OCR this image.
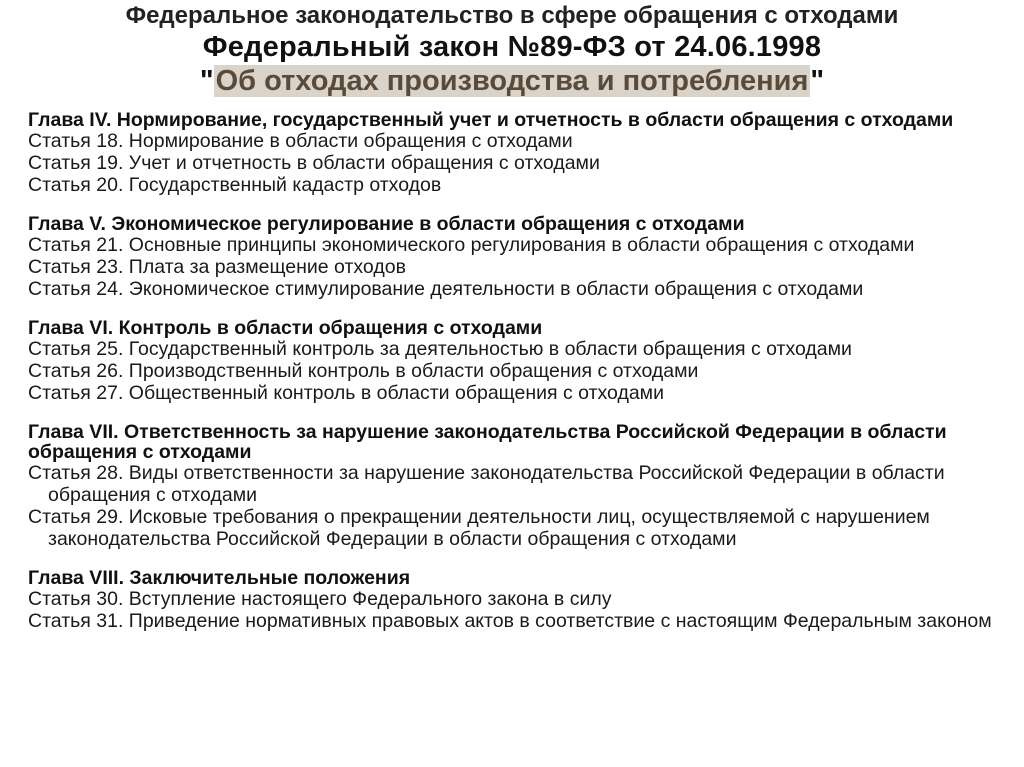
Федеральное законодательство в сфере обращения с отходами
Федеральный закон №89-ФЗ от 24.06.1998
"Об отходах производства и потребления"
Глава IV. Нормирование, государственный учет и отчетность в области обращения с отходами
Статья 18. Нормирование в области обращения с отходами
Статья 19. Учет и отчетность в области обращения с отходами
Статья 20. Государственный кадастр отходов
Глава V. Экономическое регулирование в области обращения с отходами
Статья 21. Основные принципы экономического регулирования в области обращения с отходами
Статья 23. Плата за размещение отходов
Статья 24. Экономическое стимулирование деятельности в области обращения с отходами
Глава VI. Контроль в области обращения с отходами
Статья 25. Государственный контроль за деятельностью в области обращения с отходами
Статья 26. Производственный контроль в области обращения с отходами
Статья 27. Общественный контроль в области обращения с отходами
Глава VII. Ответственность за нарушение законодательства Российской Федерации в области обращения с отходами
Статья 28. Виды ответственности за нарушение законодательства Российской Федерации в области обращения с отходами
Статья 29. Исковые требования о прекращении деятельности лиц, осуществляемой с нарушением законодательства Российской Федерации в области обращения с отходами
Глава VIII. Заключительные положения
Статья 30. Вступление настоящего Федерального закона в силу
Статья 31. Приведение нормативных правовых актов в соответствие с настоящим Федеральным законом
